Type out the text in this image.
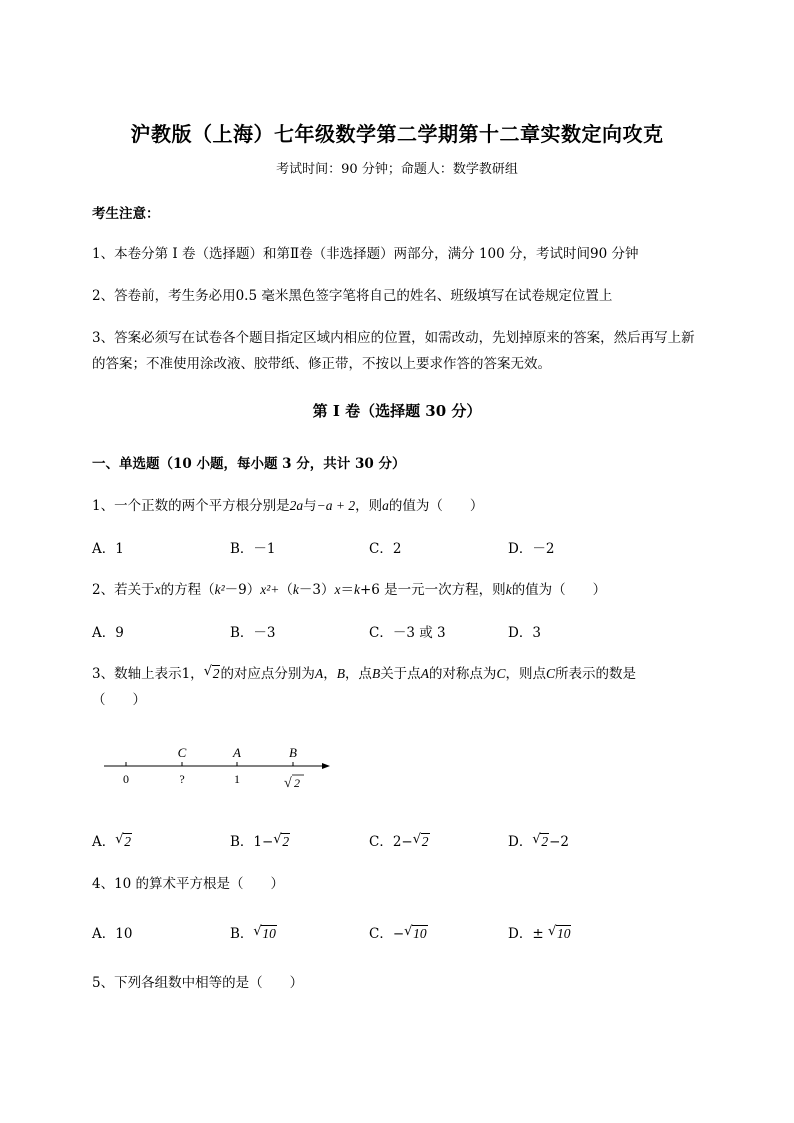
沪教版（上海）七年级数学第二学期第十二章实数定向攻克
考试时间：90 分钟；命题人：数学教研组
考生注意：
1、本卷分第 I 卷（选择题）和第Ⅱ卷（非选择题）两部分，满分 100 分，考试时间90 分钟
2、答卷前，考生务必用0.5 毫米黑色签字笔将自己的姓名、班级填写在试卷规定位置上
3、答案必须写在试卷各个题目指定区域内相应的位置，如需改动，先划掉原来的答案，然后再写上新
的答案；不准使用涂改液、胶带纸、修正带，不按以上要求作答的答案无效。
第 I 卷（选择题 30 分）
一、单选题（10 小题，每小题 3 分，共计 30 分）
1、一个正数的两个平方根分别是2a与−a + 2，则a的值为（　　）
A．1	B．－1	C．2	D．－2
2、若关于x的方程（k²－9）x²+（k－3）x＝k+6 是一元一次方程，则k的值为（　　）
A．9	B．－3	C．－3 或 3	D．3
3、数轴上表示1， √ 2的对应点分别为A，B，点B关于点A的对称点为C，则点C所表示的数是
（　　）
C	A	B
0	?	1	√ 2
A． √ 2	B．1− √ 2	C．2− √ 2	D． √ 2−2
4、10 的算术平方根是（　　）
A．10	B． √ 10	C．− √ 10	D．± √ 10
5、下列各组数中相等的是（　　）
